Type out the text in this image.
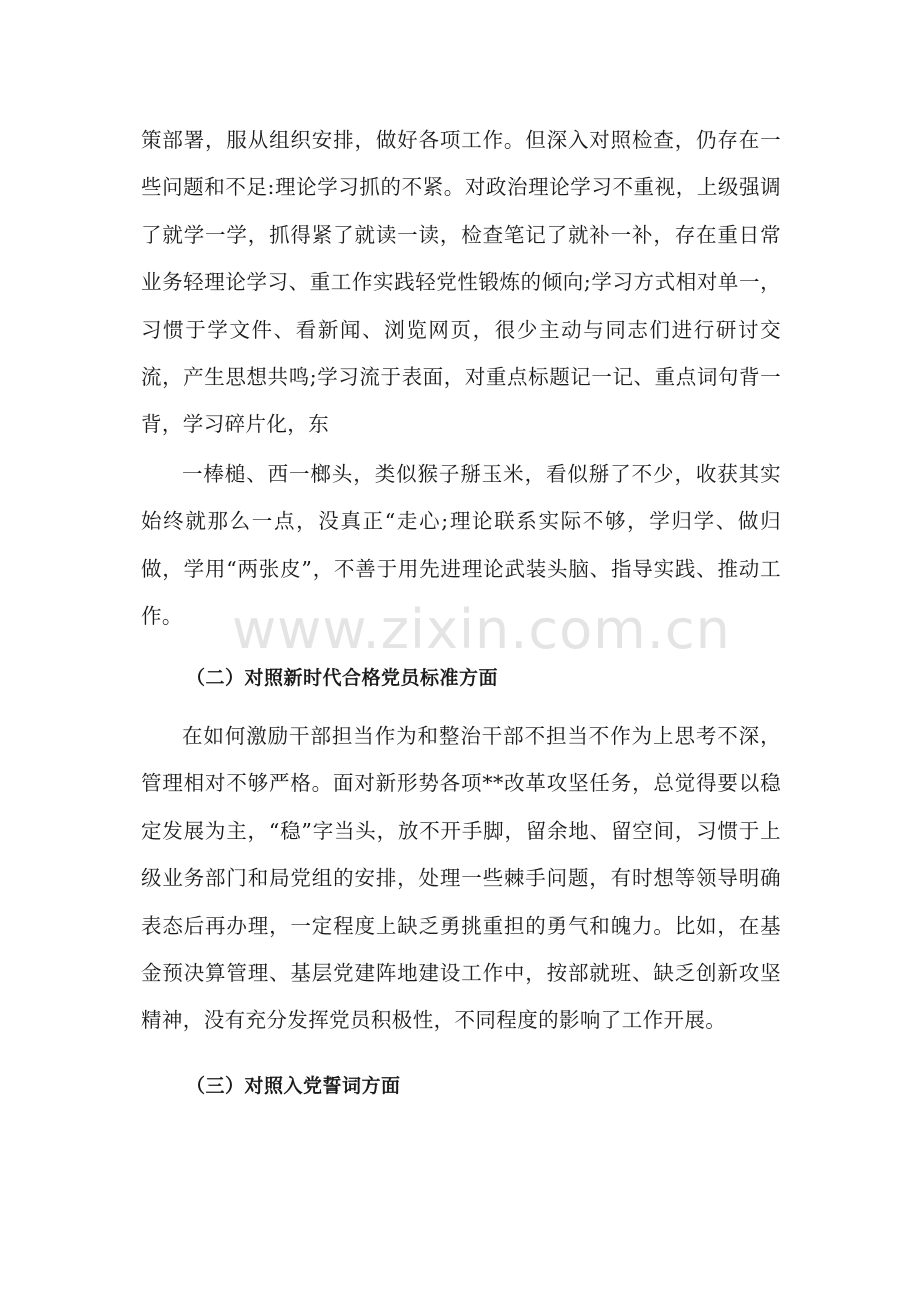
策部署，服从组织安排，做好各项工作。但深入对照检查，仍存在一些问题和不足:理论学习抓的不紧。对政治理论学习不重视，上级强调了就学一学，抓得紧了就读一读，检查笔记了就补一补，存在重日常业务轻理论学习、重工作实践轻党性锻炼的倾向;学习方式相对单一，习惯于学文件、看新闻、浏览网页，很少主动与同志们进行研讨交流，产生思想共鸣;学习流于表面，对重点标题记一记、重点词句背一背，学习碎片化，东

一棒槌、西一榔头，类似猴子掰玉米，看似掰了不少，收获其实始终就那么一点，没真正“走心;理论联系实际不够，学归学、做归做，学用“两张皮”，不善于用先进理论武装头脑、指导实践、推动工作。

（二）对照新时代合格党员标准方面

在如何激励干部担当作为和整治干部不担当不作为上思考不深，管理相对不够严格。面对新形势各项**改革攻坚任务，总觉得要以稳定发展为主，“稳”字当头，放不开手脚，留余地、留空间，习惯于上级业务部门和局党组的安排，处理一些棘手问题，有时想等领导明确表态后再办理，一定程度上缺乏勇挑重担的勇气和魄力。比如，在基金预决算管理、基层党建阵地建设工作中，按部就班、缺乏创新攻坚精神，没有充分发挥党员积极性，不同程度的影响了工作开展。

（三）对照入党誓词方面
www.zixin.com.cn
